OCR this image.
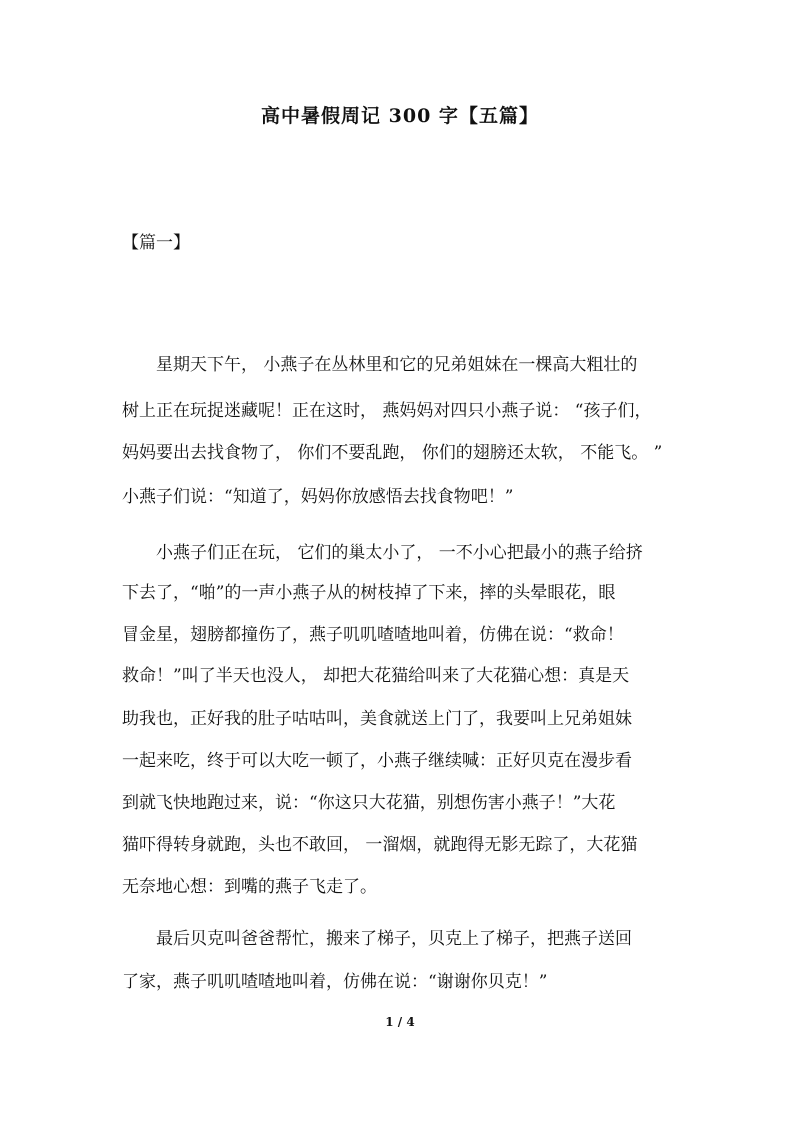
高中暑假周记 300 字【五篇】
【篇一】
星期天下午， 小燕子在丛林里和它的兄弟姐妹在一棵高大粗壮的
树上正在玩捉迷藏呢！正在这时， 燕妈妈对四只小燕子说： “孩子们，
妈妈要出去找食物了， 你们不要乱跑， 你们的翅膀还太软， 不能飞。 ”
小燕子们说：“知道了，妈妈你放感悟去找食物吧！”
小燕子们正在玩， 它们的巢太小了， 一不小心把最小的燕子给挤
下去了，“啪”的一声小燕子从的树枝掉了下来，摔的头晕眼花，眼
冒金星，翅膀都撞伤了，燕子叽叽喳喳地叫着，仿佛在说：“救命！
救命！”叫了半天也没人， 却把大花猫给叫来了大花猫心想：真是天
助我也，正好我的肚子咕咕叫，美食就送上门了，我要叫上兄弟姐妹
一起来吃，终于可以大吃一顿了，小燕子继续喊：正好贝克在漫步看
到就飞快地跑过来，说：“你这只大花猫，别想伤害小燕子！”大花
猫吓得转身就跑，头也不敢回， 一溜烟，就跑得无影无踪了，大花猫
无奈地心想：到嘴的燕子飞走了。
最后贝克叫爸爸帮忙，搬来了梯子，贝克上了梯子，把燕子送回
了家，燕子叽叽喳喳地叫着，仿佛在说：“谢谢你贝克！”
1 / 4
